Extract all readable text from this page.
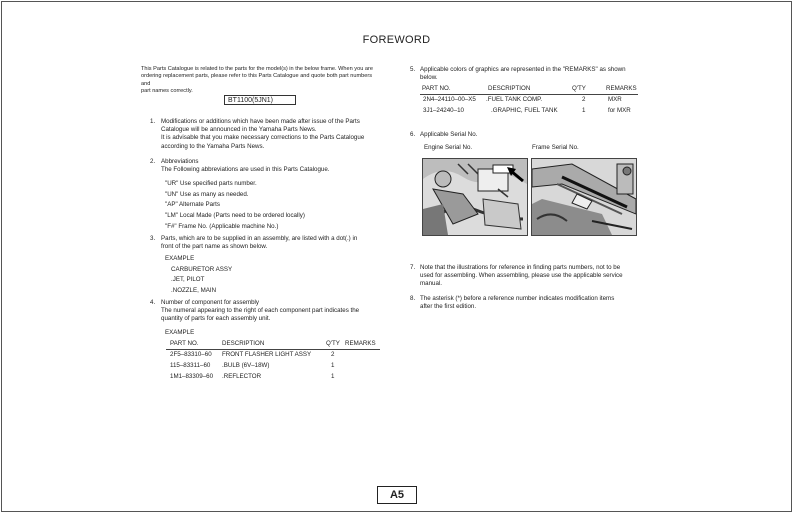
FOREWORD
This Parts Catalogue is related to the parts for the model(s) in the below frame. When you are
ordering replacement parts, please refer to this Parts Catalogue and quote both part numbers and
part names correctly.
BT1100(5JN1)
1. Modifications or additions which have been made after issue of the Parts
Catalogue will be announced in the Yamaha Parts News.
It is advisable that you make necessary corrections to the Parts Catalogue
according to the Yamaha Parts News.
2. Abbreviations
The Following abbreviations are used in this Parts Catalogue.
"UR" Use specified parts number.
"UN" Use as many as needed.
"AP" Alternate Parts
"LM" Local Made (Parts need to be ordered locally)
"F#" Frame No. (Applicable machine No.)
3. Parts, which are to be supplied in an assembly, are listed with a dot(.) in
front of the part name as shown below.
EXAMPLE
CARBURETOR ASSY
.JET, PILOT
.NOZZLE, MAIN
4. Number of component for assembly
The numeral appearing to the right of each component part indicates the
quantity of parts for each assembly unit.
EXAMPLE
PART NO.	DESCRIPTION	Q'TY	REMARKS
2F5–83310–60	FRONT FLASHER LIGHT ASSY	2	
115–83311–60	.BULB (6V–18W)	1	
1M1–83309–60	.REFLECTOR	1	
5. Applicable colors of graphics are represented in the "REMARKS" as shown
below.
PART NO.	DESCRIPTION	Q'TY	REMARKS
2N4–24110–00–X5	.FUEL TANK COMP.	2	MXR
3J1–24240–10	.GRAPHIC, FUEL TANK	1	for MXR
6. Applicable Serial No.
Engine Serial No.	Frame Serial No.
7. Note that the illustrations for reference in finding parts numbers, not to be
used for assembling. When assembling, please use the applicable service
manual.
8. The asterisk (*) before a reference number indicates modification items
after the first edition.
A5
